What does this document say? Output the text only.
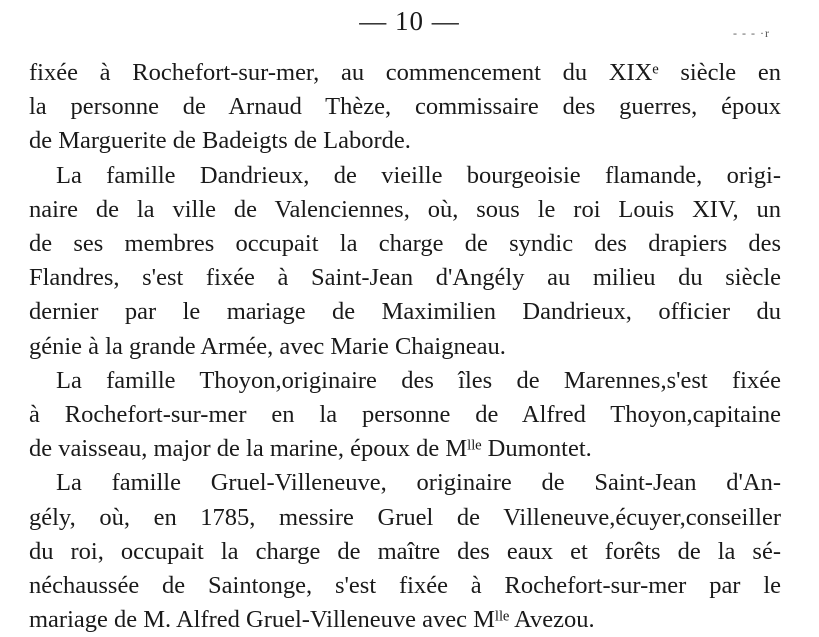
— 10 —	- - - ·r
fixée à Rochefort-sur-mer, au commencement du XIXᵉ siècle en
la personne de Arnaud Thèze, commissaire des guerres, époux
de Marguerite de Badeigts de Laborde.
La famille Dandrieux, de vieille bourgeoisie flamande, origi-
naire de la ville de Valenciennes, où, sous le roi Louis XIV, un
de ses membres occupait la charge de syndic des drapiers des
Flandres, s'est fixée à Saint-Jean d'Angély au milieu du siècle
dernier par le mariage de Maximilien Dandrieux, officier du
génie à la grande Armée, avec Marie Chaigneau.
La famille Thoyon,originaire des îles de Marennes,s'est fixée
à Rochefort-sur-mer en la personne de Alfred Thoyon,capitaine
de vaisseau, major de la marine, époux de Mˡˡᵉ Dumontet.
La famille Gruel-Villeneuve, originaire de Saint-Jean d'An-
gély, où, en 1785, messire Gruel de Villeneuve,écuyer,conseiller
du roi, occupait la charge de maître des eaux et forêts de la sé-
néchaussée de Saintonge, s'est fixée à Rochefort-sur-mer par le
mariage de M. Alfred Gruel-Villeneuve avec Mˡˡᵉ Avezou.
